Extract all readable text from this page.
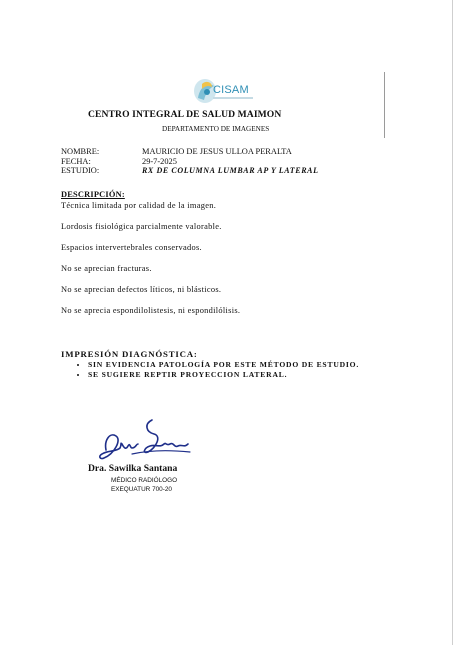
CISAM
CENTRO INTEGRAL DE SALUD MAIMON
DEPARTAMENTO DE IMAGENES
NOMBRE:	MAURICIO DE JESUS ULLOA PERALTA
FECHA:	29-7-2025
ESTUDIO:	RX DE COLUMNA LUMBAR AP Y LATERAL
DESCRIPCIÓN:

Técnica limitada por calidad de la imagen.

Lordosis fisiológica parcialmente valorable.

Espacios intervertebrales conservados.

No se aprecian fracturas.

No se aprecian defectos líticos, ni blásticos.

No se aprecia espondilolistesis, ni espondilólisis.

IMPRESIÓN DIAGNÓSTICA:
• SIN EVIDENCIA PATOLOGÍA POR ESTE MÉTODO DE ESTUDIO.
• SE SUGIERE REPTIR PROYECCION LATERAL.
Dra. Sawilka Santana
MÉDICO RADIÓLOGO
EXEQUATUR 700-20
